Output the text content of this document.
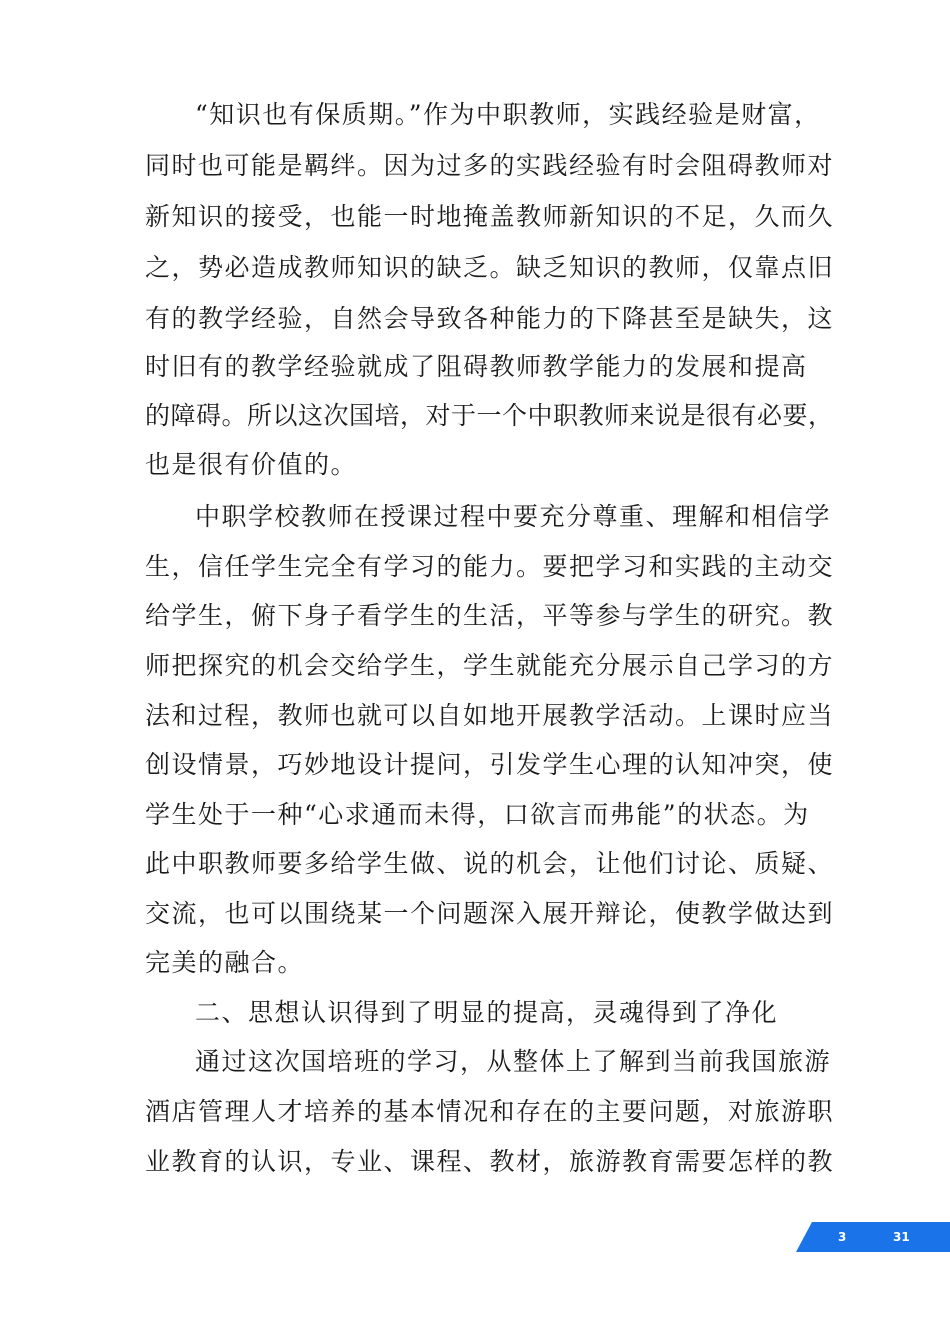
“知识也有保质期。”作为中职教师，实践经验是财富，
同时也可能是羁绊。因为过多的实践经验有时会阻碍教师对
新知识的接受，也能一时地掩盖教师新知识的不足，久而久
之，势必造成教师知识的缺乏。缺乏知识的教师，仅靠点旧
有的教学经验，自然会导致各种能力的下降甚至是缺失，这
时旧有的教学经验就成了阻碍教师教学能力的发展和提高
的障碍。所以这次国培，对于一个中职教师来说是很有必要，
也是很有价值的。
中职学校教师在授课过程中要充分尊重、理解和相信学
生，信任学生完全有学习的能力。要把学习和实践的主动交
给学生，俯下身子看学生的生活，平等参与学生的研究。教
师把探究的机会交给学生，学生就能充分展示自己学习的方
法和过程，教师也就可以自如地开展教学活动。上课时应当
创设情景，巧妙地设计提问，引发学生心理的认知冲突，使
学生处于一种“心求通而未得，口欲言而弗能”的状态。为
此中职教师要多给学生做、说的机会，让他们讨论、质疑、
交流，也可以围绕某一个问题深入展开辩论，使教学做达到
完美的融合。
二、思想认识得到了明显的提高，灵魂得到了净化
通过这次国培班的学习，从整体上了解到当前我国旅游
酒店管理人才培养的基本情况和存在的主要问题，对旅游职
业教育的认识，专业、课程、教材，旅游教育需要怎样的教
3	31
